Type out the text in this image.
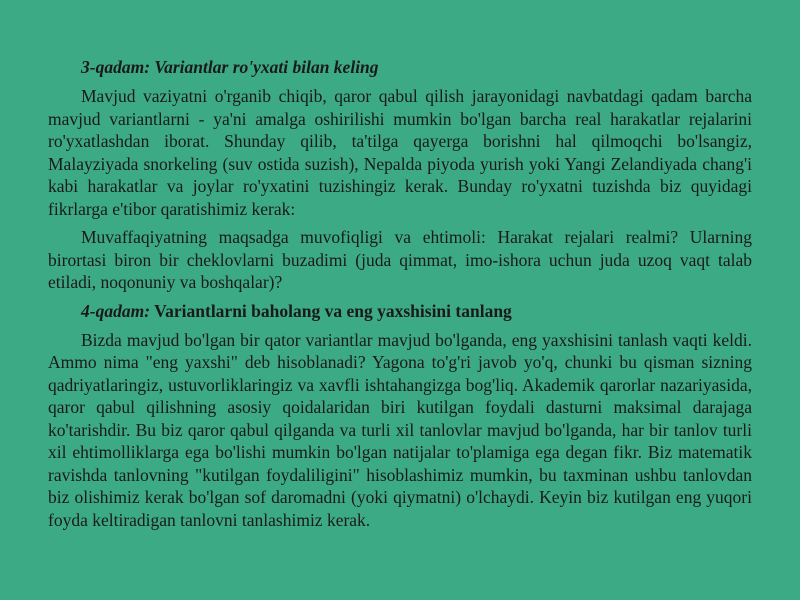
3-qadam: Variantlar ro'yxati bilan keling

Mavjud vaziyatni o'rganib chiqib, qaror qabul qilish jarayonidagi navbatdagi qadam barcha mavjud variantlarni - ya'ni amalga oshirilishi mumkin bo'lgan barcha real harakatlar rejalarini ro'yxatlashdan iborat. Shunday qilib, ta'tilga qayerga borishni hal qilmoqchi bo'lsangiz, Malayziyada snorkeling (suv ostida suzish), Nepalda piyoda yurish yoki Yangi Zelandiyada chang'i kabi harakatlar va joylar ro'yxatini tuzishingiz kerak. Bunday ro'yxatni tuzishda biz quyidagi fikrlarga e'tibor qaratishimiz kerak:

Muvaffaqiyatning maqsadga muvofiqligi va ehtimoli: Harakat rejalari realmi? Ularning birortasi biron bir cheklovlarni buzadimi (juda qimmat, imo-ishora uchun juda uzoq vaqt talab etiladi, noqonuniy va boshqalar)?

4-qadam: Variantlarni baholang va eng yaxshisini tanlang

Bizda mavjud bo'lgan bir qator variantlar mavjud bo'lganda, eng yaxshisini tanlash vaqti keldi. Ammo nima "eng yaxshi" deb hisoblanadi? Yagona to'g'ri javob yo'q, chunki bu qisman sizning qadriyatlaringiz, ustuvorliklaringiz va xavfli ishtahangizga bog'liq. Akademik qarorlar nazariyasida, qaror qabul qilishning asosiy qoidalaridan biri kutilgan foydali dasturni maksimal darajaga ko'tarishdir. Bu biz qaror qabul qilganda va turli xil tanlovlar mavjud bo'lganda, har bir tanlov turli xil ehtimolliklarga ega bo'lishi mumkin bo'lgan natijalar to'plamiga ega degan fikr. Biz matematik ravishda tanlovning "kutilgan foydaliligini" hisoblashimiz mumkin, bu taxminan ushbu tanlovdan biz olishimiz kerak bo'lgan sof daromadni (yoki qiymatni) o'lchaydi. Keyin biz kutilgan eng yuqori foyda keltiradigan tanlovni tanlashimiz kerak.
